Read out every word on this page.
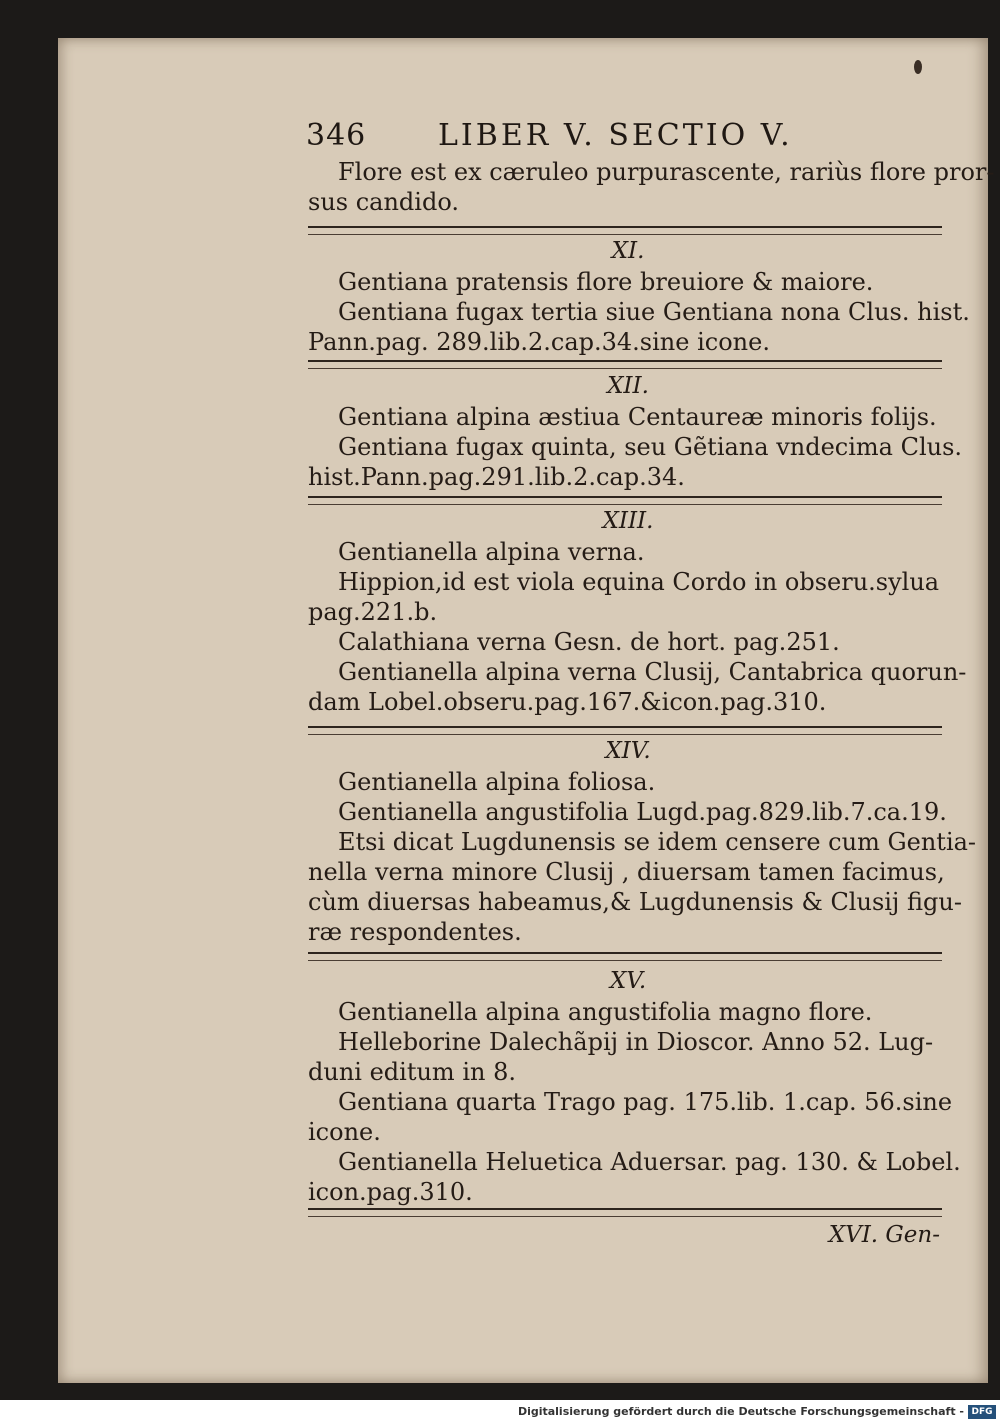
346 LIBER V. SECTIO V.
Flore est ex cæruleo purpurascente, rariùs flore pror-
sus candido.
XI.
Gentiana pratensis flore breuiore & maiore.
Gentiana fugax tertia siue Gentiana nona Clus. hist.
Pann.pag. 289.lib.2.cap.34.sine icone.
XII.
Gentiana alpina æstiua Centaureæ minoris folijs.
Gentiana fugax quinta, seu Gẽtiana vndecima Clus.
hist.Pann.pag.291.lib.2.cap.34.
XIII.
Gentianella alpina verna.
Hippion,id est viola equina Cordo in obseru.sylua
pag.221.b.
Calathiana verna Gesn. de hort. pag.251.
Gentianella alpina verna Clusij, Cantabrica quorun-
dam Lobel.obseru.pag.167.&icon.pag.310.
XIV.
Gentianella alpina foliosa.
Gentianella angustifolia Lugd.pag.829.lib.7.ca.19.
Etsi dicat Lugdunensis se idem censere cum Gentia-
nella verna minore Clusij , diuersam tamen facimus,
cùm diuersas habeamus,& Lugdunensis & Clusij figu-
ræ respondentes.
XV.
Gentianella alpina angustifolia magno flore.
Helleborine Dalechãpij in Dioscor. Anno 52. Lug-
duni editum in 8.
Gentiana quarta Trago pag. 175.lib. 1.cap. 56.sine
icone.
Gentianella Heluetica Aduersar. pag. 130. & Lobel.
icon.pag.310.
XVI. Gen-
Digitalisierung gefördert durch die Deutsche Forschungsgemeinschaft - DFG
